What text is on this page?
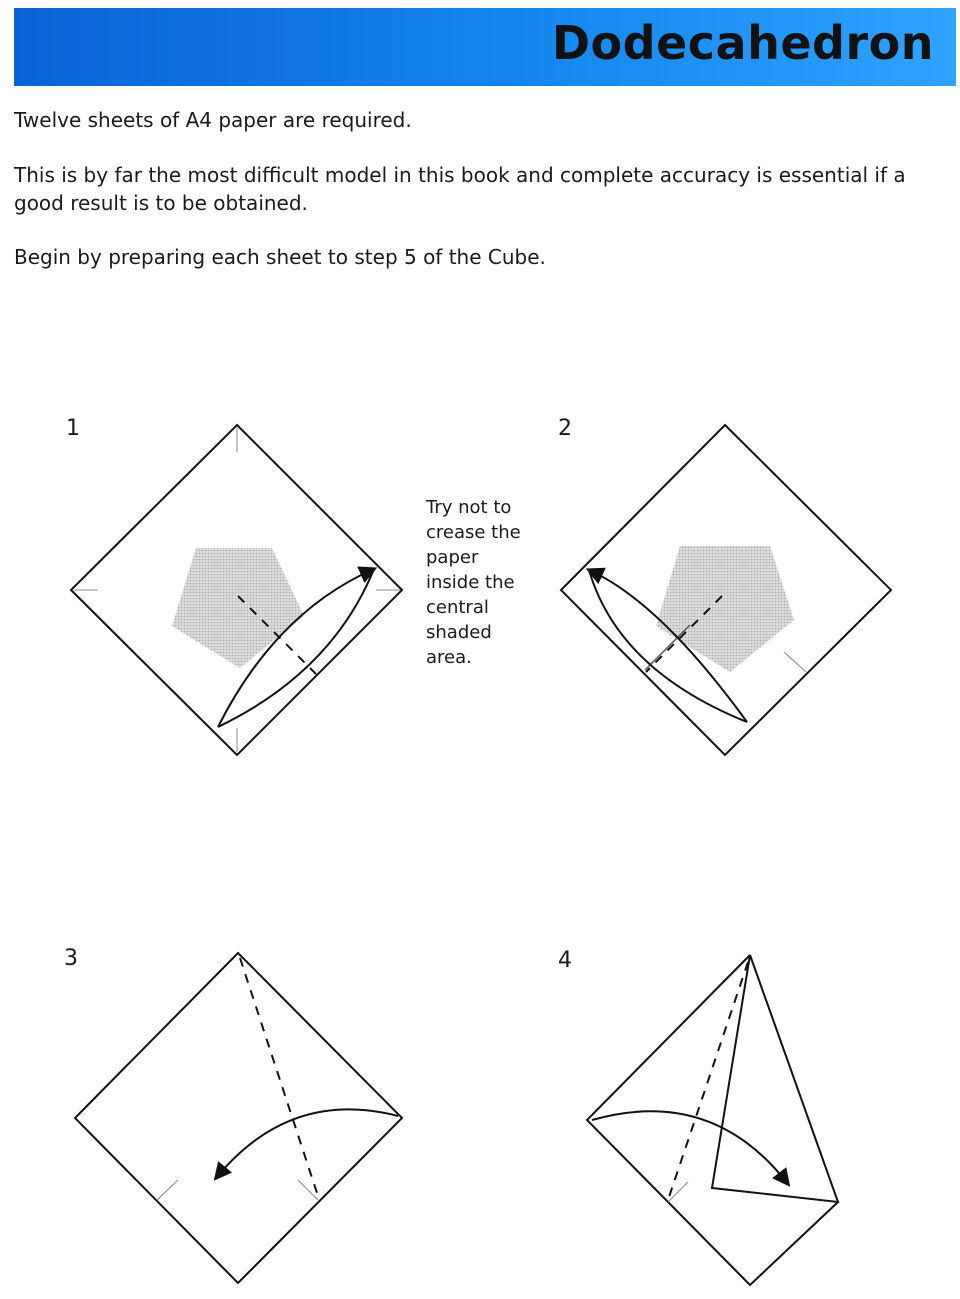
Dodecahedron

Twelve sheets of A4 paper are required.

This is by far the most difficult model in this book and complete accuracy is essential if a good result is to be obtained.

Begin by preparing each sheet to step 5 of the Cube.

1	2
3	4
Try not to
crease the
paper
inside the
central
shaded
area.
